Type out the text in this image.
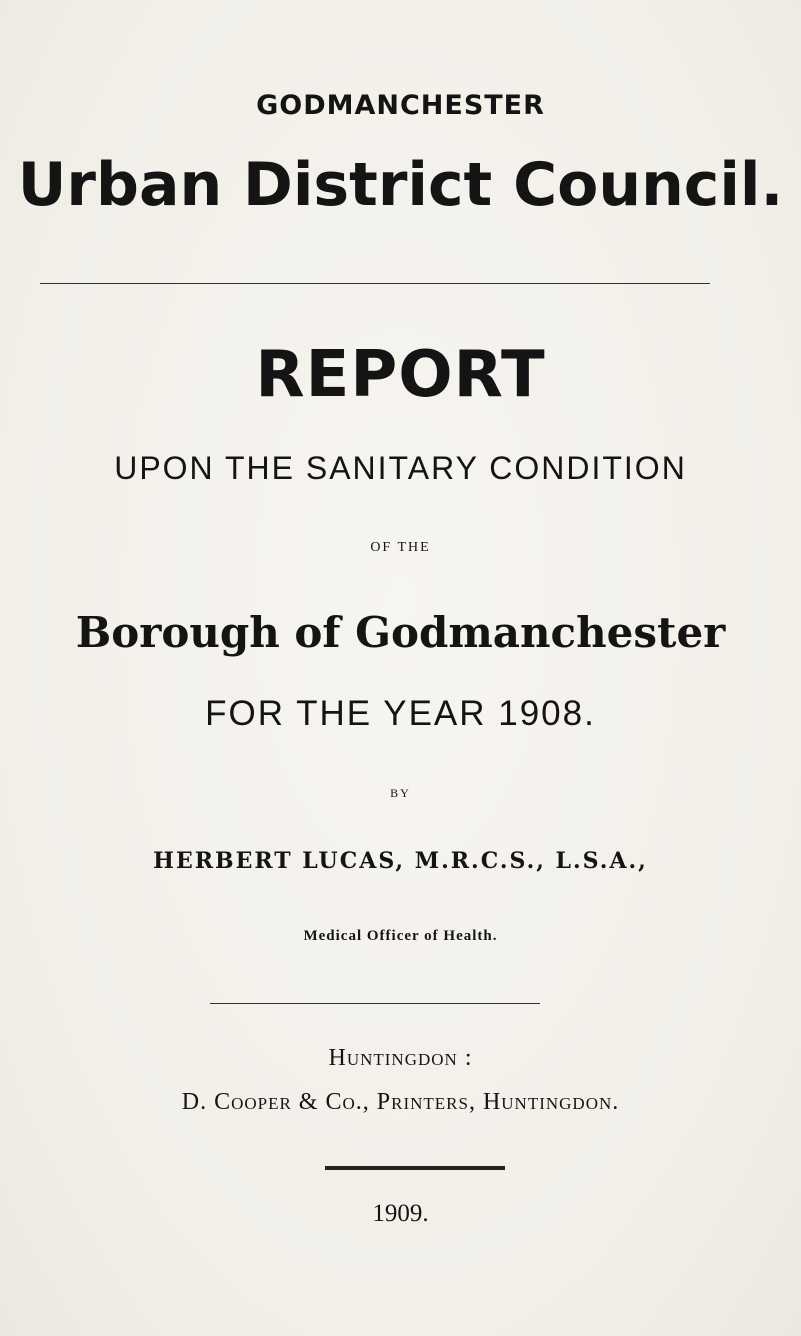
GODMANCHESTER
Urban District Council.
REPORT
UPON THE SANITARY CONDITION
OF THE
Borough of Godmanchester
FOR THE YEAR 1908.
BY
HERBERT LUCAS, M.R.C.S., L.S.A.,
Medical Officer of Health.
Huntingdon :
D. Cooper & Co., Printers, Huntingdon.
1909.
